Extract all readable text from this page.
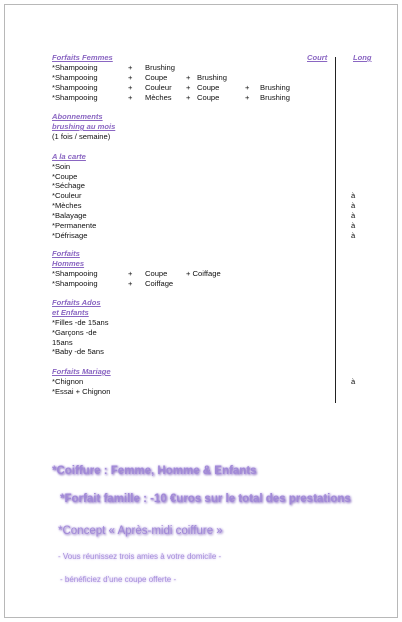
Forfaits Femmes	Court	Long
*Shampooing	+ Brushing
*Shampooing	+ Coupe + Brushing
*Shampooing	+ Couleur + Coupe	+ Brushing
*Shampooing	+ Mèches + Coupe	+ Brushing
Abonnements
brushing au mois
(1 fois / semaine)
A la carte
*Soin
*Coupe
*Séchage
*Couleur	à
*Mèches	à
*Balayage	à
*Permanente	à
*Défrisage	à
Forfaits
Hommes
*Shampooing	+ Coupe + Coiffage
*Shampooing	+ Coiffage
Forfaits Ados
et Enfants
*Filles -de 15ans
*Garçons -de
15ans
*Baby -de 5ans
Forfaits Mariage
*Chignon	à
*Essai + Chignon
*Coiffure : Femme, Homme & Enfants
*Forfait famille : -10 €uros sur le total des prestations
*Concept « Après-midi coiffure »
- Vous réunissez trois amies à votre domicile -
- bénéficiez d'une coupe offerte -
